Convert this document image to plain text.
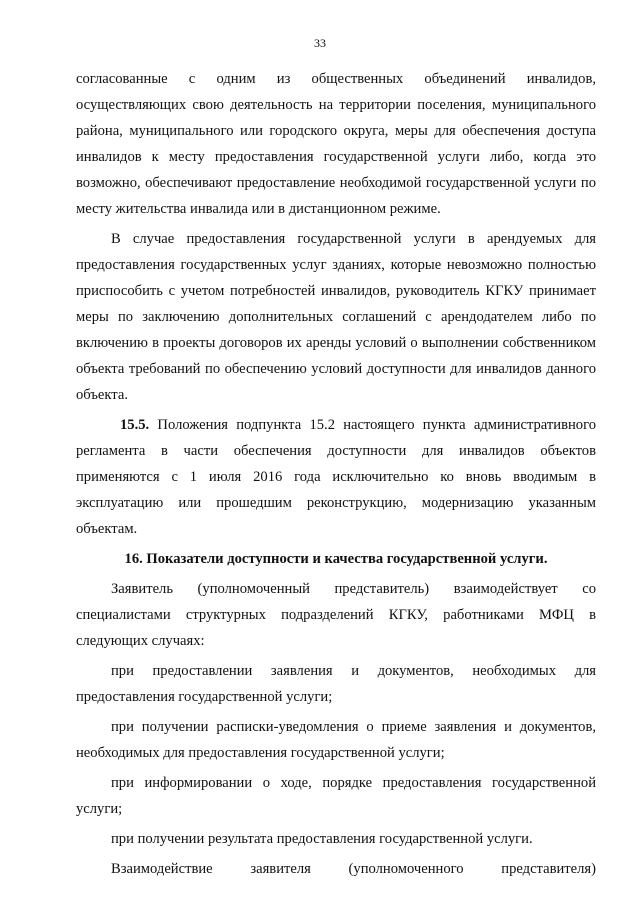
33

согласованные с одним из общественных объединений инвалидов, осуществляющих свою деятельность на территории поселения, муниципального района, муниципального или городского округа, меры для обеспечения доступа инвалидов к месту предоставления государственной услуги либо, когда это возможно, обеспечивают предоставление необходимой государственной услуги по месту жительства инвалида или в дистанционном режиме.

В случае предоставления государственной услуги в арендуемых для предоставления государственных услуг зданиях, которые невозможно полностью приспособить с учетом потребностей инвалидов, руководитель КГКУ принимает меры по заключению дополнительных соглашений с арендодателем либо по включению в проекты договоров их аренды условий о выполнении собственником объекта требований по обеспечению условий доступности для инвалидов данного объекта.

15.5. Положения подпункта 15.2 настоящего пункта административного регламента в части обеспечения доступности для инвалидов объектов применяются с 1 июля 2016 года исключительно ко вновь вводимым в эксплуатацию или прошедшим реконструкцию, модернизацию указанным объектам.

16. Показатели доступности и качества государственной услуги.

Заявитель (уполномоченный представитель) взаимодействует со специалистами структурных подразделений КГКУ, работниками МФЦ в следующих случаях:

при предоставлении заявления и документов, необходимых для предоставления государственной услуги;

при получении расписки-уведомления о приеме заявления и документов, необходимых для предоставления государственной услуги;

при информировании о ходе, порядке предоставления государственной услуги;

при получении результата предоставления государственной услуги.

Взаимодействие заявителя (уполномоченного представителя)
